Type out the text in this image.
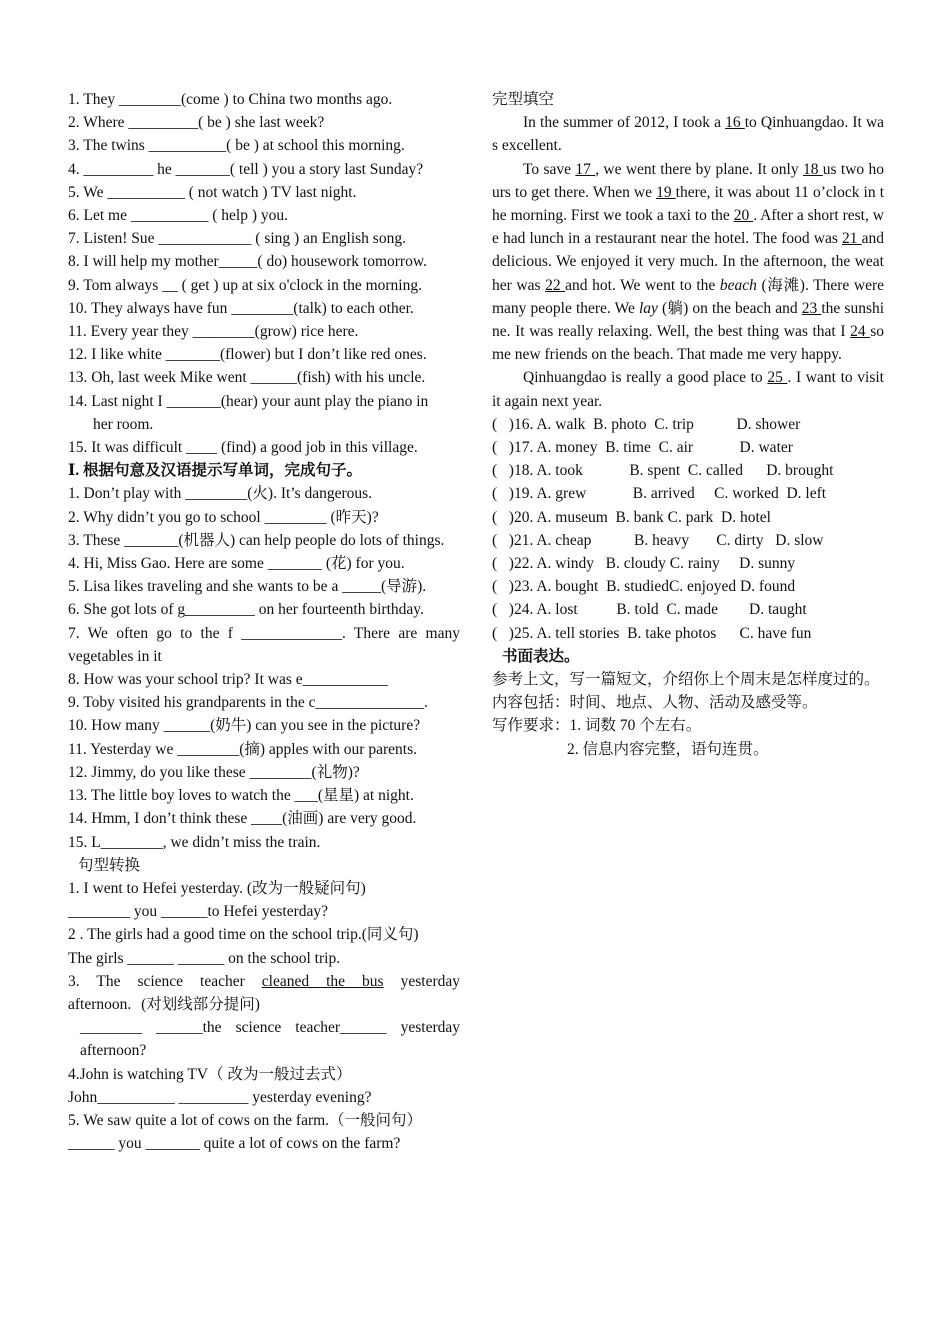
1. They ________(come ) to China two months ago.
2. Where _________( be ) she last week?
3. The twins __________( be ) at school this morning.
4. _________ he _______( tell ) you a story last Sunday?
5. We __________ ( not watch ) TV last night.
6. Let me __________ ( help ) you.
7. Listen! Sue ____________ ( sing ) an English song.
8. I will help my mother_____( do) housework tomorrow.
9. Tom always __ ( get ) up at six o'clock in the morning.
10. They always have fun ________(talk) to each other.
11. Every year they ________(grow) rice here.
12. I like white _______(flower) but I don’t like red ones.
13. Oh, last week Mike went ______(fish) with his uncle.
14. Last night I _______(hear) your aunt play the piano in
her room.
15. It was difficult ____ (find) a good job in this village.
Ⅰ. 根据句意及汉语提示写单词，完成句子。
1. Don’t play with ________(火). It’s dangerous.
2. Why didn’t you go to school ________ (昨天)?
3. These _______(机器人) can help people do lots of things.
4. Hi, Miss Gao. Here are some _______ (花) for you.
5. Lisa likes traveling and she wants to be a _____(导游).
6. She got lots of g_________ on her fourteenth birthday.
7. We often go to the f _____________. There are many vegetables in it
8. How was your school trip? It was e___________
9. Toby visited his grandparents in the c______________.
10. How many ______(奶牛) can you see in the picture?
11. Yesterday we ________(摘) apples with our parents.
12. Jimmy, do you like these ________(礼物)?
13. The little boy loves to watch the ___(星星) at night.
14. Hmm, I don’t think these ____(油画) are very good.
15. L________, we didn’t miss the train.
句型转换
1. I went to Hefei yesterday. (改为一般疑问句)
________ you ______to Hefei yesterday?
2 . The girls had a good time on the school trip.(同义句)
The girls ______ ______ on the school trip.
3. The science teacher cleaned the bus yesterday afternoon. (对划线部分提问)
________ ______the science teacher______ yesterday afternoon?
4.John is watching TV（ 改为一般过去式）
John__________ _________ yesterday evening?
5. We saw quite a lot of cows on the farm.（一般问句）
______ you _______ quite a lot of cows on the farm?
完型填空
In the summer of 2012, I took a 16 to Qinhuangdao. It was excellent.
To save 17 , we went there by plane. It only 18 us two hours to get there. When we 19 there, it was about 11 o’clock in the morning. First we took a taxi to the 20 . After a short rest, we had lunch in a restaurant near the hotel. The food was 21 and delicious. We enjoyed it very much. In the afternoon, the weather was 22 and hot. We went to the beach (海滩). There were many people there. We lay (躺) on the beach and 23 the sunshine. It was really relaxing. Well, the best thing was that I 24 some new friends on the beach. That made me very happy.
Qinhuangdao is really a good place to 25 . I want to visit it again next year.
(   )16. A. walk  B. photo  C. trip           D. shower
(   )17. A. money  B. time  C. air            D. water
(   )18. A. took            B. spent  C. called      D. brought
(   )19. A. grew            B. arrived     C. worked  D. left
(   )20. A. museum  B. bank C. park  D. hotel
(   )21. A. cheap           B. heavy       C. dirty   D. slow
(   )22. A. windy   B. cloudy C. rainy     D. sunny
(   )23. A. bought  B. studiedC. enjoyed D. found
(   )24. A. lost          B. told  C. made        D. taught
(   )25. A. tell stories  B. take photos      C. have fun
书面表达。
参考上文，写一篇短文，介绍你上个周末是怎样度过的。
内容包括：时间、地点、人物、活动及感受等。
写作要求：1. 词数 70 个左右。
2. 信息内容完整，语句连贯。
